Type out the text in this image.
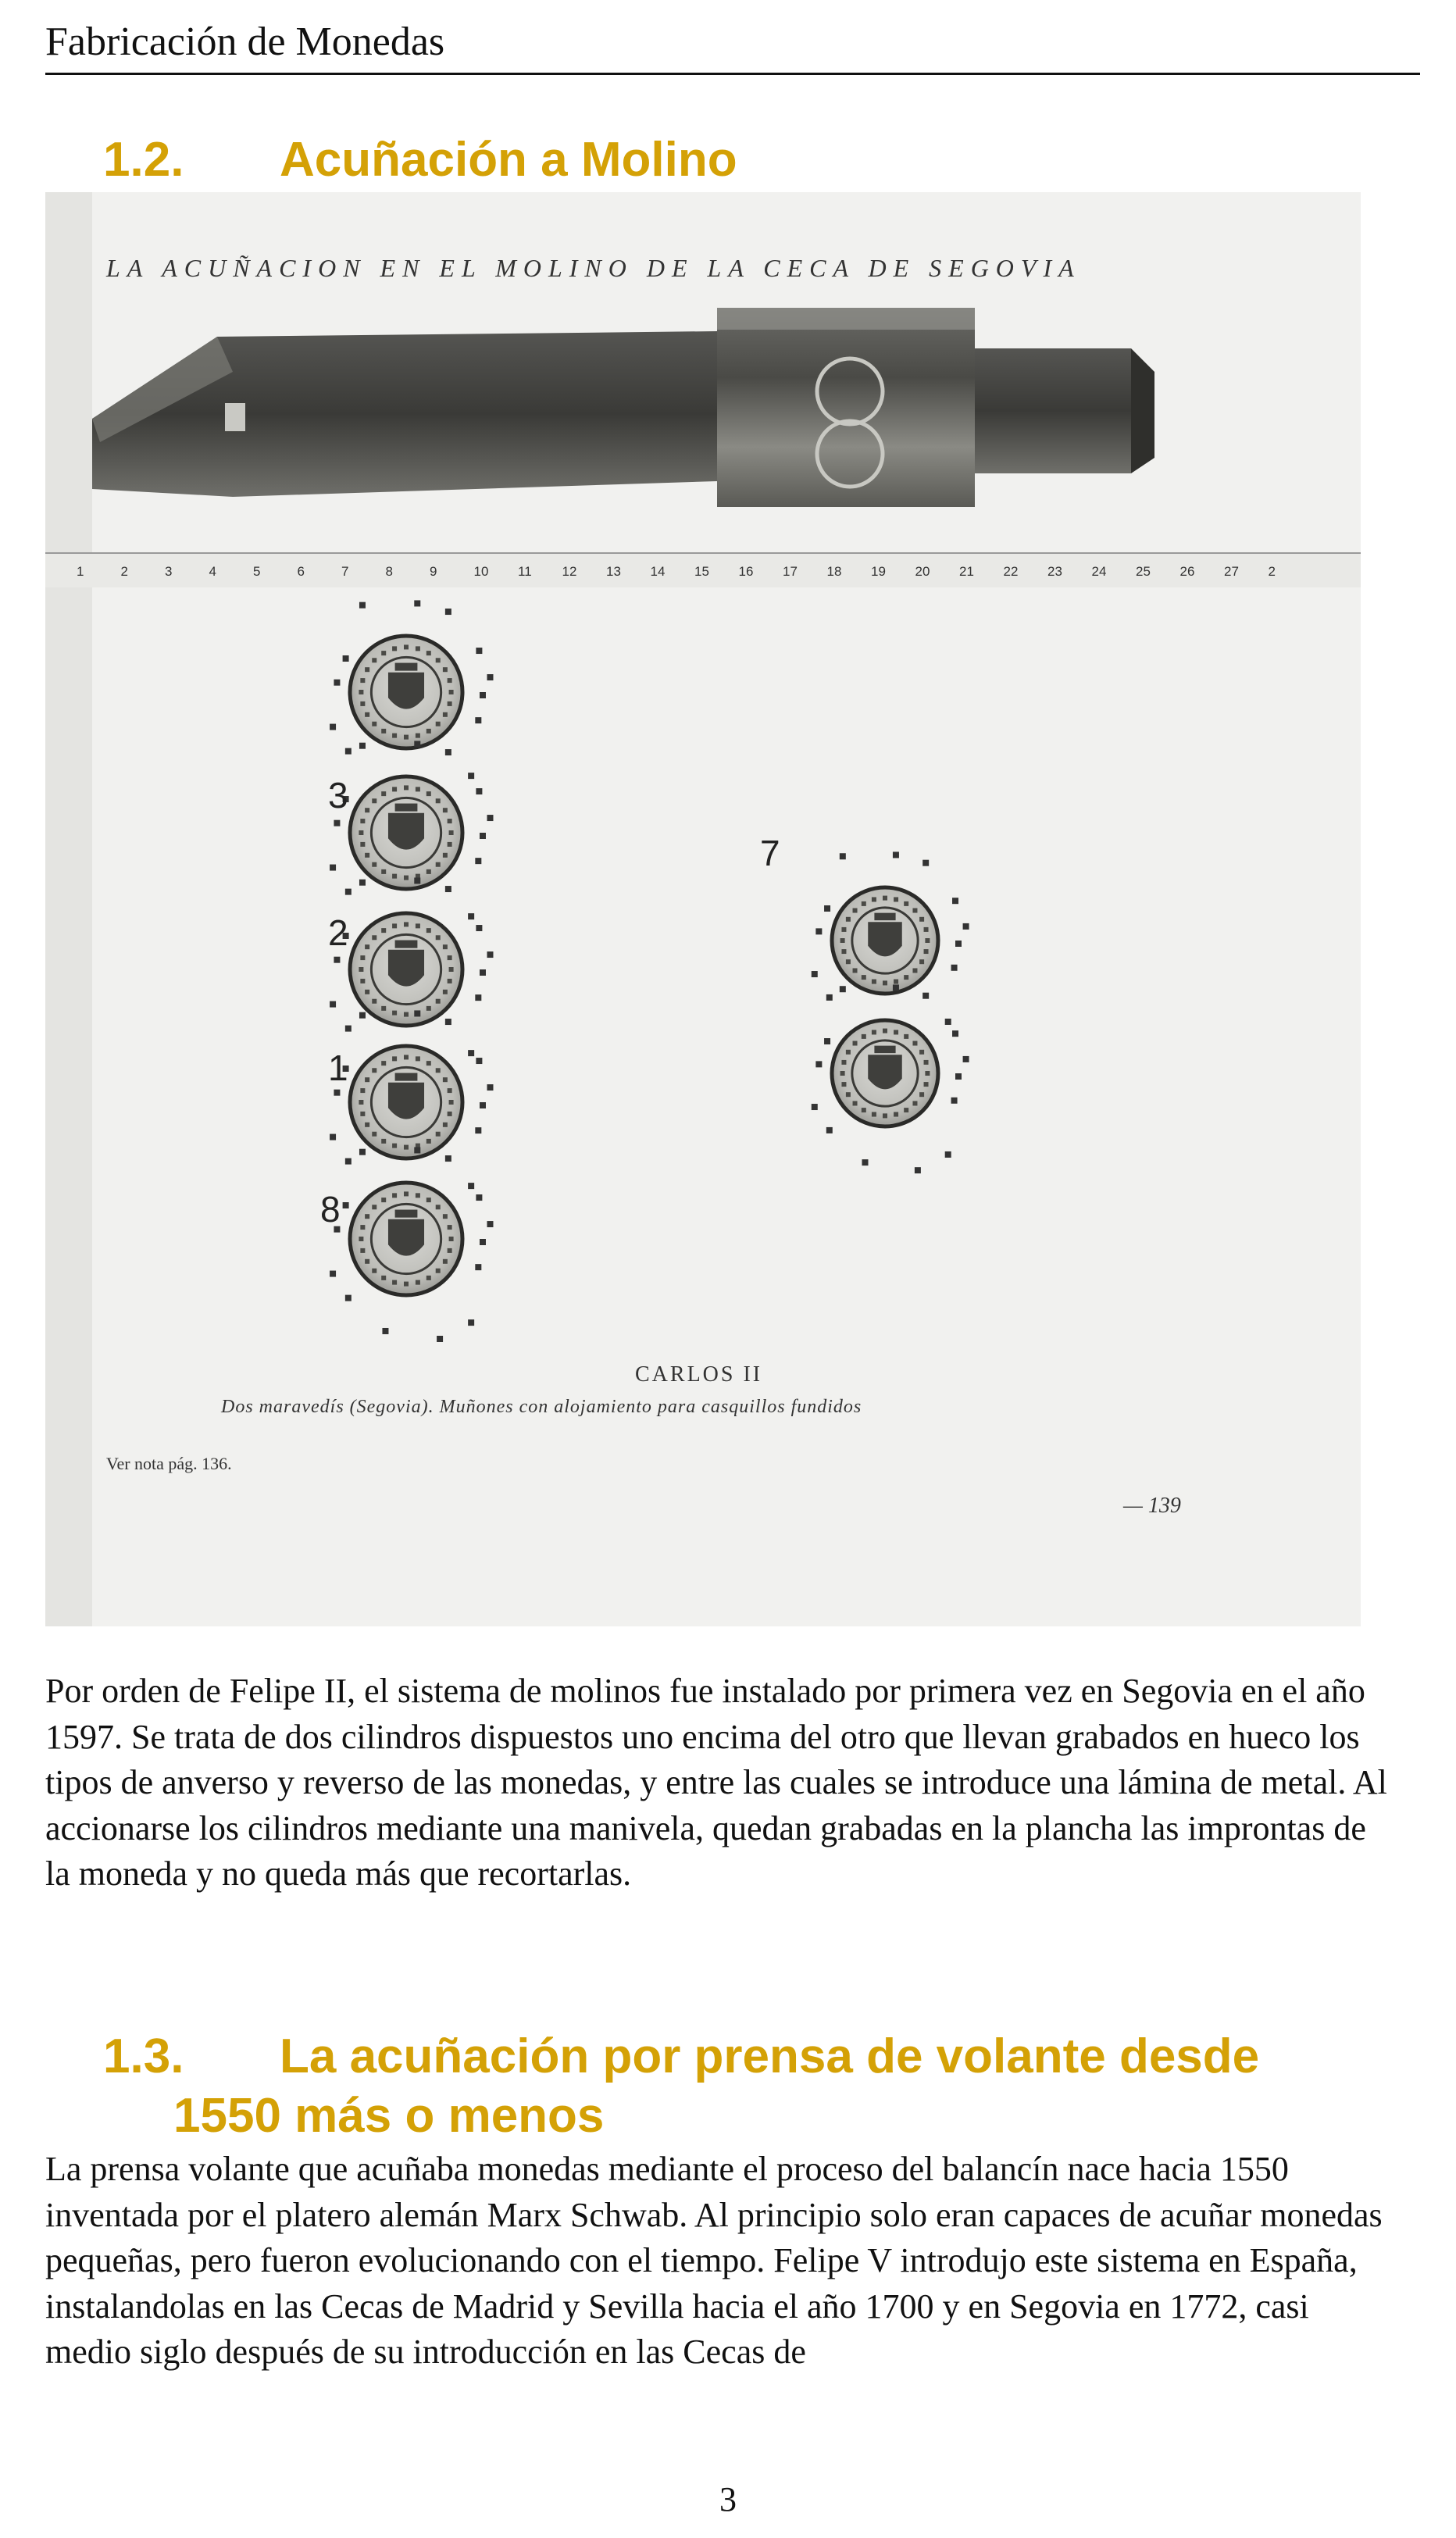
Fabricación de Monedas
1.2. Acuñación a Molino
LA ACUÑACION EN EL MOLINO DE LA CECA DE SEGOVIA
1	2	3	4	5	6	7	8	9	10 11 12 13 14 15 16 17 18 19 20 21 22 23 24 25 26 27 2
3
2
1
8
7
CARLOS II
Dos maravedís (Segovia). Muñones con alojamiento para casquillos fundidos
Ver nota pág. 136.
— 139

Por orden de Felipe II, el sistema de molinos fue instalado por primera vez en Segovia en el año 1597. Se trata de dos cilindros dispuestos uno encima del otro que llevan grabados en hueco los tipos de anverso y reverso de las monedas, y entre las cuales se introduce una lámina de metal. Al accionarse los cilindros mediante una manivela, quedan grabadas en la plancha las improntas de la moneda y no queda más que recortarlas.

1.3. La acuñación por prensa de volante desde
1550 más o menos

La prensa volante que acuñaba monedas mediante el proceso del balancín nace hacia 1550 inventada por el platero alemán Marx Schwab. Al principio solo eran capaces de acuñar monedas pequeñas, pero fueron evolucionando con el tiempo. Felipe V introdujo este sistema en España, instalandolas en las Cecas de Madrid y Sevilla hacia el año 1700 y en Segovia en 1772, casi medio siglo después de su introducción en las Cecas de

3
